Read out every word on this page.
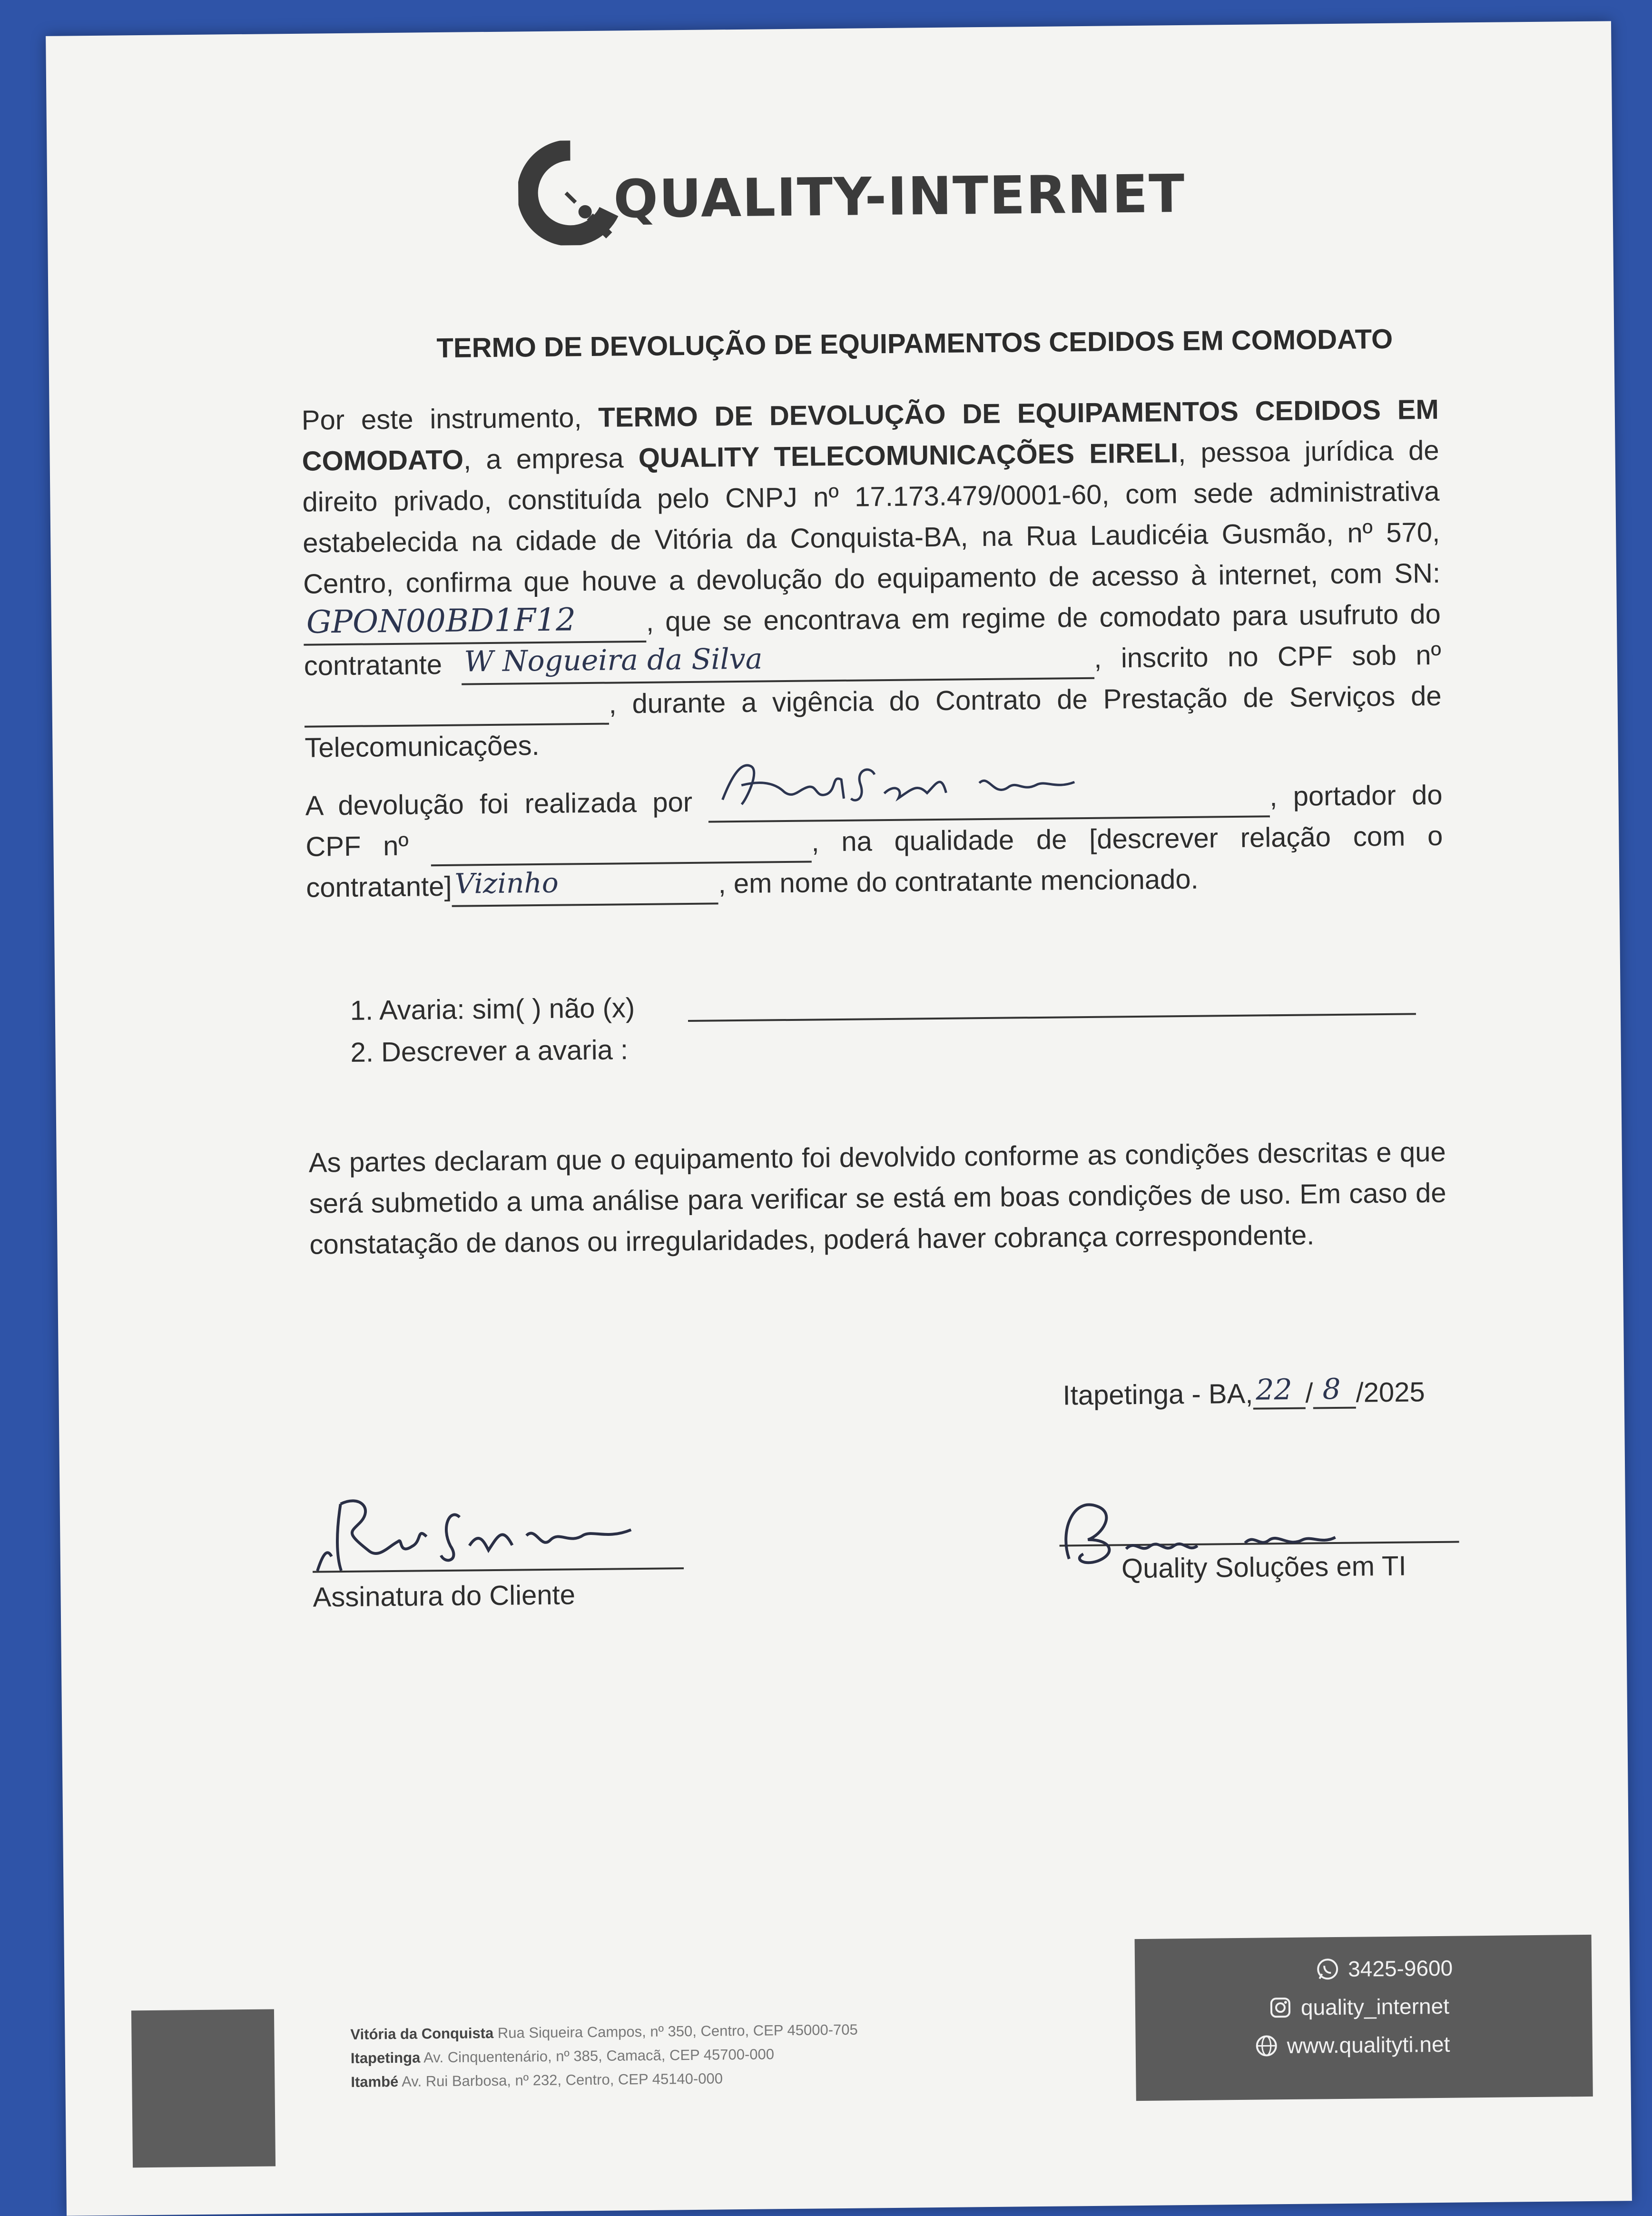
QUALITY-INTERNET
TERMO DE DEVOLUÇÃO DE EQUIPAMENTOS CEDIDOS EM COMODATO
Por este instrumento, TERMO DE DEVOLUÇÃO DE EQUIPAMENTOS CEDIDOS EM COMODATO, a empresa QUALITY TELECOMUNICAÇÕES EIRELI, pessoa jurídica de direito privado, constituída pelo CNPJ nº 17.173.479/0001-60, com sede administrativa estabelecida na cidade de Vitória da Conquista-BA, na Rua Laudicéia Gusmão, nº 570, Centro, confirma que houve a devolução do equipamento de acesso à internet, com SN:
GPON00BD1F12	, que se encontrava em regime de comodato para usufruto do contratante W Nogueira da Silva	, inscrito no CPF sob nº , durante a vigência do Contrato de Prestação de Serviços de Telecomunicações.
A devolução foi realizada por	, portador do CPF nº	, na qualidade de [descrever relação com o contratante] Vizinho	, em nome do contratante mencionado.
1. Avaria: sim( ) não (x)
2. Descrever a avaria :
As partes declaram que o equipamento foi devolvido conforme as condições descritas e que será submetido a uma análise para verificar se está em boas condições de uso. Em caso de constatação de danos ou irregularidades, poderá haver cobrança correspondente.
Itapetinga - BA, 22 / 8 /2025
Assinatura do Cliente
Quality Soluções em TI
Vitória da Conquista Rua Siqueira Campos, nº 350, Centro, CEP 45000-705
Itapetinga Av. Cinquentenário, nº 385, Camacã, CEP 45700-000
Itambé Av. Rui Barbosa, nº 232, Centro, CEP 45140-000
3425-9600
quality_internet
www.qualityti.net
